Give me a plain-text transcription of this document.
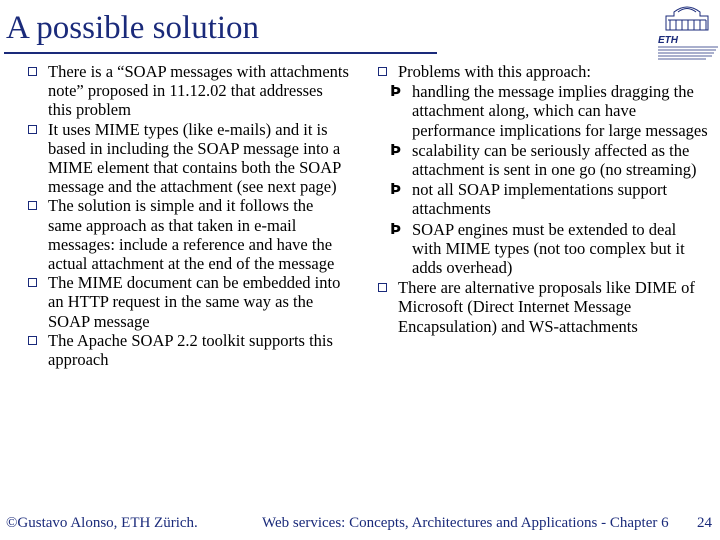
A possible solution	ETH
There is a “SOAP messages with attachments note” proposed in 11.12.02 that addresses this problem
It uses MIME types (like e-mails) and it is based in including the SOAP message into a MIME element that contains both the SOAP message and the attachment (see next page)
The solution is simple and it follows the same approach as that taken in e-mail messages: include a reference and have the actual attachment at the end of the message
The MIME document can be embedded into an HTTP request in the same way as the SOAP message
The Apache SOAP 2.2 toolkit supports this approach
Problems with this approach:
Þ handling the message implies dragging the attachment along, which can have performance implications for large messages
Þ scalability can be seriously affected as the attachment is sent in one go (no streaming)
Þ not all SOAP implementations support attachments
Þ SOAP engines must be extended to deal with MIME types (not too complex but it adds overhead)
There are alternative proposals like DIME of Microsoft (Direct Internet Message Encapsulation) and WS-attachments
©Gustavo Alonso, ETH Zürich.	Web services: Concepts, Architectures and Applications - Chapter 6 24
